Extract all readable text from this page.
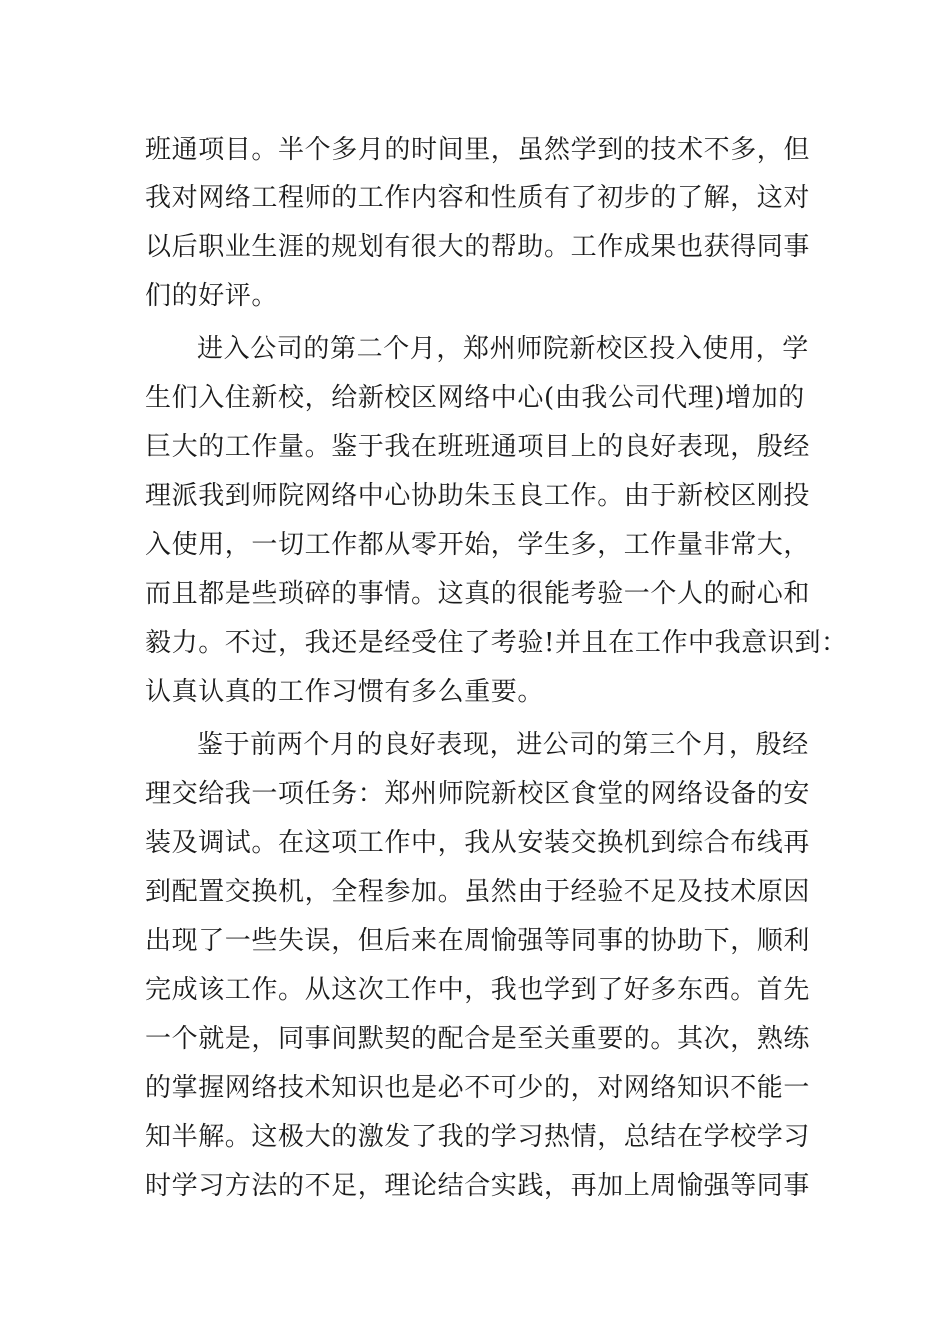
班通项目。半个多月的时间里，虽然学到的技术不多，但
我对网络工程师的工作内容和性质有了初步的了解，这对
以后职业生涯的规划有很大的帮助。工作成果也获得同事
们的好评。
进入公司的第二个月，郑州师院新校区投入使用，学
生们入住新校，给新校区网络中心(由我公司代理)增加的
巨大的工作量。鉴于我在班班通项目上的良好表现，殷经
理派我到师院网络中心协助朱玉良工作。由于新校区刚投
入使用，一切工作都从零开始，学生多，工作量非常大，
而且都是些琐碎的事情。这真的很能考验一个人的耐心和
毅力。不过，我还是经受住了考验!并且在工作中我意识到：
认真认真的工作习惯有多么重要。
鉴于前两个月的良好表现，进公司的第三个月，殷经
理交给我一项任务：郑州师院新校区食堂的网络设备的安
装及调试。在这项工作中，我从安装交换机到综合布线再
到配置交换机，全程参加。虽然由于经验不足及技术原因
出现了一些失误，但后来在周愉强等同事的协助下，顺利
完成该工作。从这次工作中，我也学到了好多东西。首先
一个就是，同事间默契的配合是至关重要的。其次，熟练
的掌握网络技术知识也是必不可少的，对网络知识不能一
知半解。这极大的激发了我的学习热情，总结在学校学习
时学习方法的不足，理论结合实践，再加上周愉强等同事
